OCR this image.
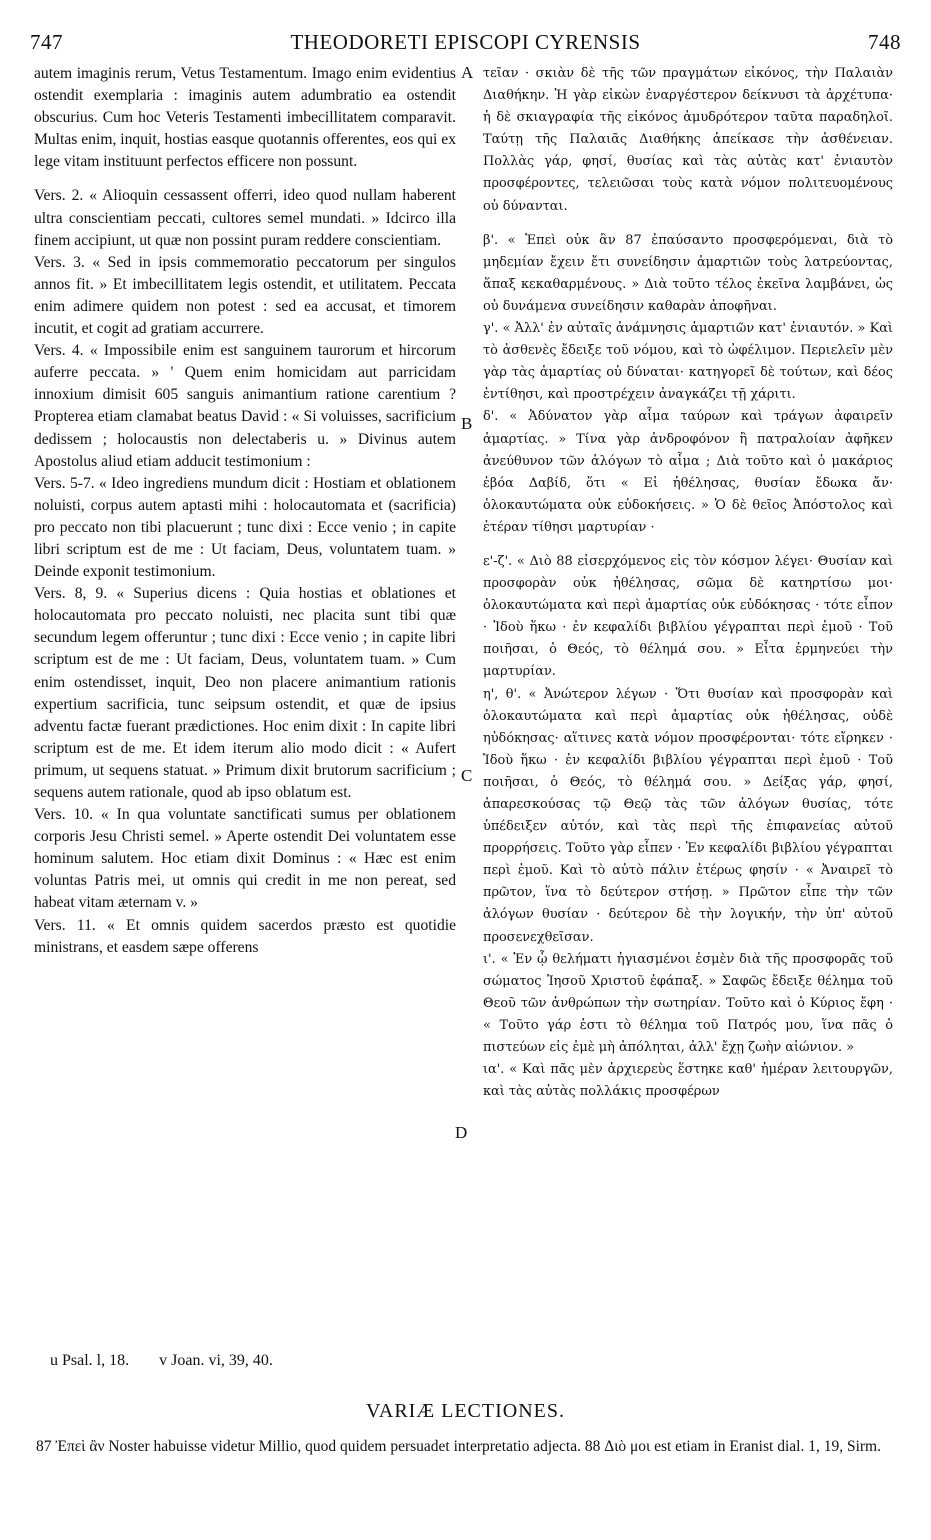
747	THEODORETI EPISCOPI CYRENSIS	748

autem imaginis rerum, Vetus Testamentum. Imago enim evidentius ostendit exemplaria : imaginis autem adumbratio ea ostendit obscurius. Cum hoc Veteris Testamenti imbecillitatem comparavit. Multas enim, inquit, hostias easque quotannis offerentes, eos qui ex lege vitam instituunt perfectos efficere non possunt.

Vers. 2. « Alioquin cessassent offerri, ideo quod nullam haberent ultra conscientiam peccati, cultores semel mundati. » Idcirco illa finem accipiunt, ut quæ non possint puram reddere conscientiam.

Vers. 3. « Sed in ipsis commemoratio peccatorum per singulos annos fit. » Et imbecillitatem legis ostendit, et utilitatem. Peccata enim adimere quidem non potest : sed ea accusat, et timorem incutit, et cogit ad gratiam accurrere.

Vers. 4. « Impossibile enim est sanguinem taurorum et hircorum auferre peccata. » ' Quem enim homicidam aut parricidam innoxium dimisit 605 sanguis animantium ratione carentium ? Propterea etiam clamabat beatus David : « Si voluisses, sacrificium dedissem ; holocaustis non delectaberis u. » Divinus autem Apostolus aliud etiam adducit testimonium :

Vers. 5-7. « Ideo ingrediens mundum dicit : Hostiam et oblationem noluisti, corpus autem aptasti mihi : holocautomata et (sacrificia) pro peccato non tibi placuerunt ; tunc dixi : Ecce venio ; in capite libri scriptum est de me : Ut faciam, Deus, voluntatem tuam. » Deinde exponit testimonium.

Vers. 8, 9. « Superius dicens : Quia hostias et oblationes et holocautomata pro peccato noluisti, nec placita sunt tibi quæ secundum legem offeruntur ; tunc dixi : Ecce venio ; in capite libri scriptum est de me : Ut faciam, Deus, voluntatem tuam. » Cum enim ostendisset, inquit, Deo non placere animantium rationis expertium sacrificia, tunc seipsum ostendit, et quæ de ipsius adventu factæ fuerant prædictiones. Hoc enim dixit : In capite libri scriptum est de me. Et idem iterum alio modo dicit : « Aufert primum, ut sequens statuat. » Primum dixit brutorum sacrificium ; sequens autem rationale, quod ab ipso oblatum est.

Vers. 10. « In qua voluntate sanctificati sumus per oblationem corporis Jesu Christi semel. » Aperte ostendit Dei voluntatem esse hominum salutem. Hoc etiam dixit Dominus : « Hæc est enim voluntas Patris mei, ut omnis qui credit in me non pereat, sed habeat vitam æternam v. »

Vers. 11. « Et omnis quidem sacerdos præsto est quotidie ministrans, et easdem sæpe offerens

A
B
C
D

τεῖαν · σκιὰν δὲ τῆς τῶν πραγμάτων εἰκόνος, τὴν Παλαιὰν Διαθήκην. Ἡ γὰρ εἰκὼν ἐναργέστερον δείκνυσι τὰ ἀρχέτυπα· ἡ δὲ σκιαγραφία τῆς εἰκόνος ἀμυδρότερον ταῦτα παραδηλοῖ. Ταύτῃ τῆς Παλαιᾶς Διαθήκης ἀπείκασε τὴν ἀσθένειαν. Πολλὰς γάρ, φησί, θυσίας καὶ τὰς αὐτὰς κατ' ἐνιαυτὸν προσφέροντες, τελειῶσαι τοὺς κατὰ νόμον πολιτευομένους οὐ δύνανται.

β'. « Ἐπεὶ οὐκ ἂν 87 ἐπαύσαντο προσφερόμεναι, διὰ τὸ μηδεμίαν ἔχειν ἔτι συνείδησιν ἁμαρτιῶν τοὺς λατρεύοντας, ἅπαξ κεκαθαρμένους. » Διὰ τοῦτο τέλος ἐκεῖνα λαμβάνει, ὡς οὐ δυνάμενα συνείδησιν καθαρὰν ἀποφῆναι.

γ'. « Ἀλλ' ἐν αὐταῖς ἀνάμνησις ἁμαρτιῶν κατ' ἐνιαυτόν. » Καὶ τὸ ἀσθενὲς ἔδειξε τοῦ νόμου, καὶ τὸ ὠφέλιμον. Περιελεῖν μὲν γὰρ τὰς ἁμαρτίας οὐ δύναται· κατηγορεῖ δὲ τούτων, καὶ δέος ἐντίθησι, καὶ προστρέχειν ἀναγκάζει τῇ χάριτι.

δ'. « Ἀδύνατον γὰρ αἷμα ταύρων καὶ τράγων ἀφαιρεῖν ἁμαρτίας. » Τίνα γὰρ ἀνδροφόνον ἢ πατραλοίαν ἀφῆκεν ἀνεύθυνον τῶν ἀλόγων τὸ αἷμα ; Διὰ τοῦτο καὶ ὁ μακάριος ἐβόα Δαβίδ, ὅτι « Εἰ ἠθέλησας, θυσίαν ἔδωκα ἄν· ὁλοκαυτώματα οὐκ εὐδοκήσεις. » Ὁ δὲ θεῖος Ἀπόστολος καὶ ἑτέραν τίθησι μαρτυρίαν ·

ε'-ζ'. « Διὸ 88 εἰσερχόμενος εἰς τὸν κόσμον λέγει· Θυσίαν καὶ προσφορὰν οὐκ ἠθέλησας, σῶμα δὲ κατηρτίσω μοι· ὁλοκαυτώματα καὶ περὶ ἁμαρτίας οὐκ εὐδόκησας · τότε εἶπον · Ἰδοὺ ἥκω · ἐν κεφαλίδι βιβλίου γέγραπται περὶ ἐμοῦ · Τοῦ ποιῆσαι, ὁ Θεός, τὸ θέλημά σου. » Εἶτα ἑρμηνεύει τὴν μαρτυρίαν.

η', θ'. « Ἀνώτερον λέγων · Ὅτι θυσίαν καὶ προσφορὰν καὶ ὁλοκαυτώματα καὶ περὶ ἁμαρτίας οὐκ ἠθέλησας, οὐδὲ ηὐδόκησας· αἵτινες κατὰ νόμον προσφέρονται· τότε εἴρηκεν · Ἰδοὺ ἥκω · ἐν κεφαλίδι βιβλίου γέγραπται περὶ ἐμοῦ · Τοῦ ποιῆσαι, ὁ Θεός, τὸ θέλημά σου. » Δείξας γάρ, φησί, ἀπαρεσκούσας τῷ Θεῷ τὰς τῶν ἀλόγων θυσίας, τότε ὑπέδειξεν αὐτόν, καὶ τὰς περὶ τῆς ἐπιφανείας αὐτοῦ προρρήσεις. Τοῦτο γὰρ εἶπεν · Ἐν κεφαλίδι βιβλίου γέγραπται περὶ ἐμοῦ. Καὶ τὸ αὐτὸ πάλιν ἑτέρως φησίν · « Ἀναιρεῖ τὸ πρῶτον, ἵνα τὸ δεύτερον στήσῃ. » Πρῶτον εἶπε τὴν τῶν ἀλόγων θυσίαν · δεύτερον δὲ τὴν λογικήν, τὴν ὑπ' αὐτοῦ προσενεχθεῖσαν.

ι'. « Ἐν ᾧ θελήματι ἡγιασμένοι ἐσμὲν διὰ τῆς προσφορᾶς τοῦ σώματος Ἰησοῦ Χριστοῦ ἐφάπαξ. » Σαφῶς ἔδειξε θέλημα τοῦ Θεοῦ τῶν ἀνθρώπων τὴν σωτηρίαν. Τοῦτο καὶ ὁ Κύριος ἔφη · « Τοῦτο γάρ ἐστι τὸ θέλημα τοῦ Πατρός μου, ἵνα πᾶς ὁ πιστεύων εἰς ἐμὲ μὴ ἀπόληται, ἀλλ' ἔχῃ ζωὴν αἰώνιον. »

ια'. « Καὶ πᾶς μὲν ἀρχιερεὺς ἕστηκε καθ' ἡμέραν λειτουργῶν, καὶ τὰς αὐτὰς πολλάκις προσφέρων

u Psal. l, 18. v Joan. vi, 39, 40.
VARIÆ LECTIONES.
87 Ἐπεὶ ἂν Noster habuisse videtur Millio, quod quidem persuadet interpretatio adjecta. 88 Διὸ μοι est etiam in Eranist dial. 1, 19, Sirm.
